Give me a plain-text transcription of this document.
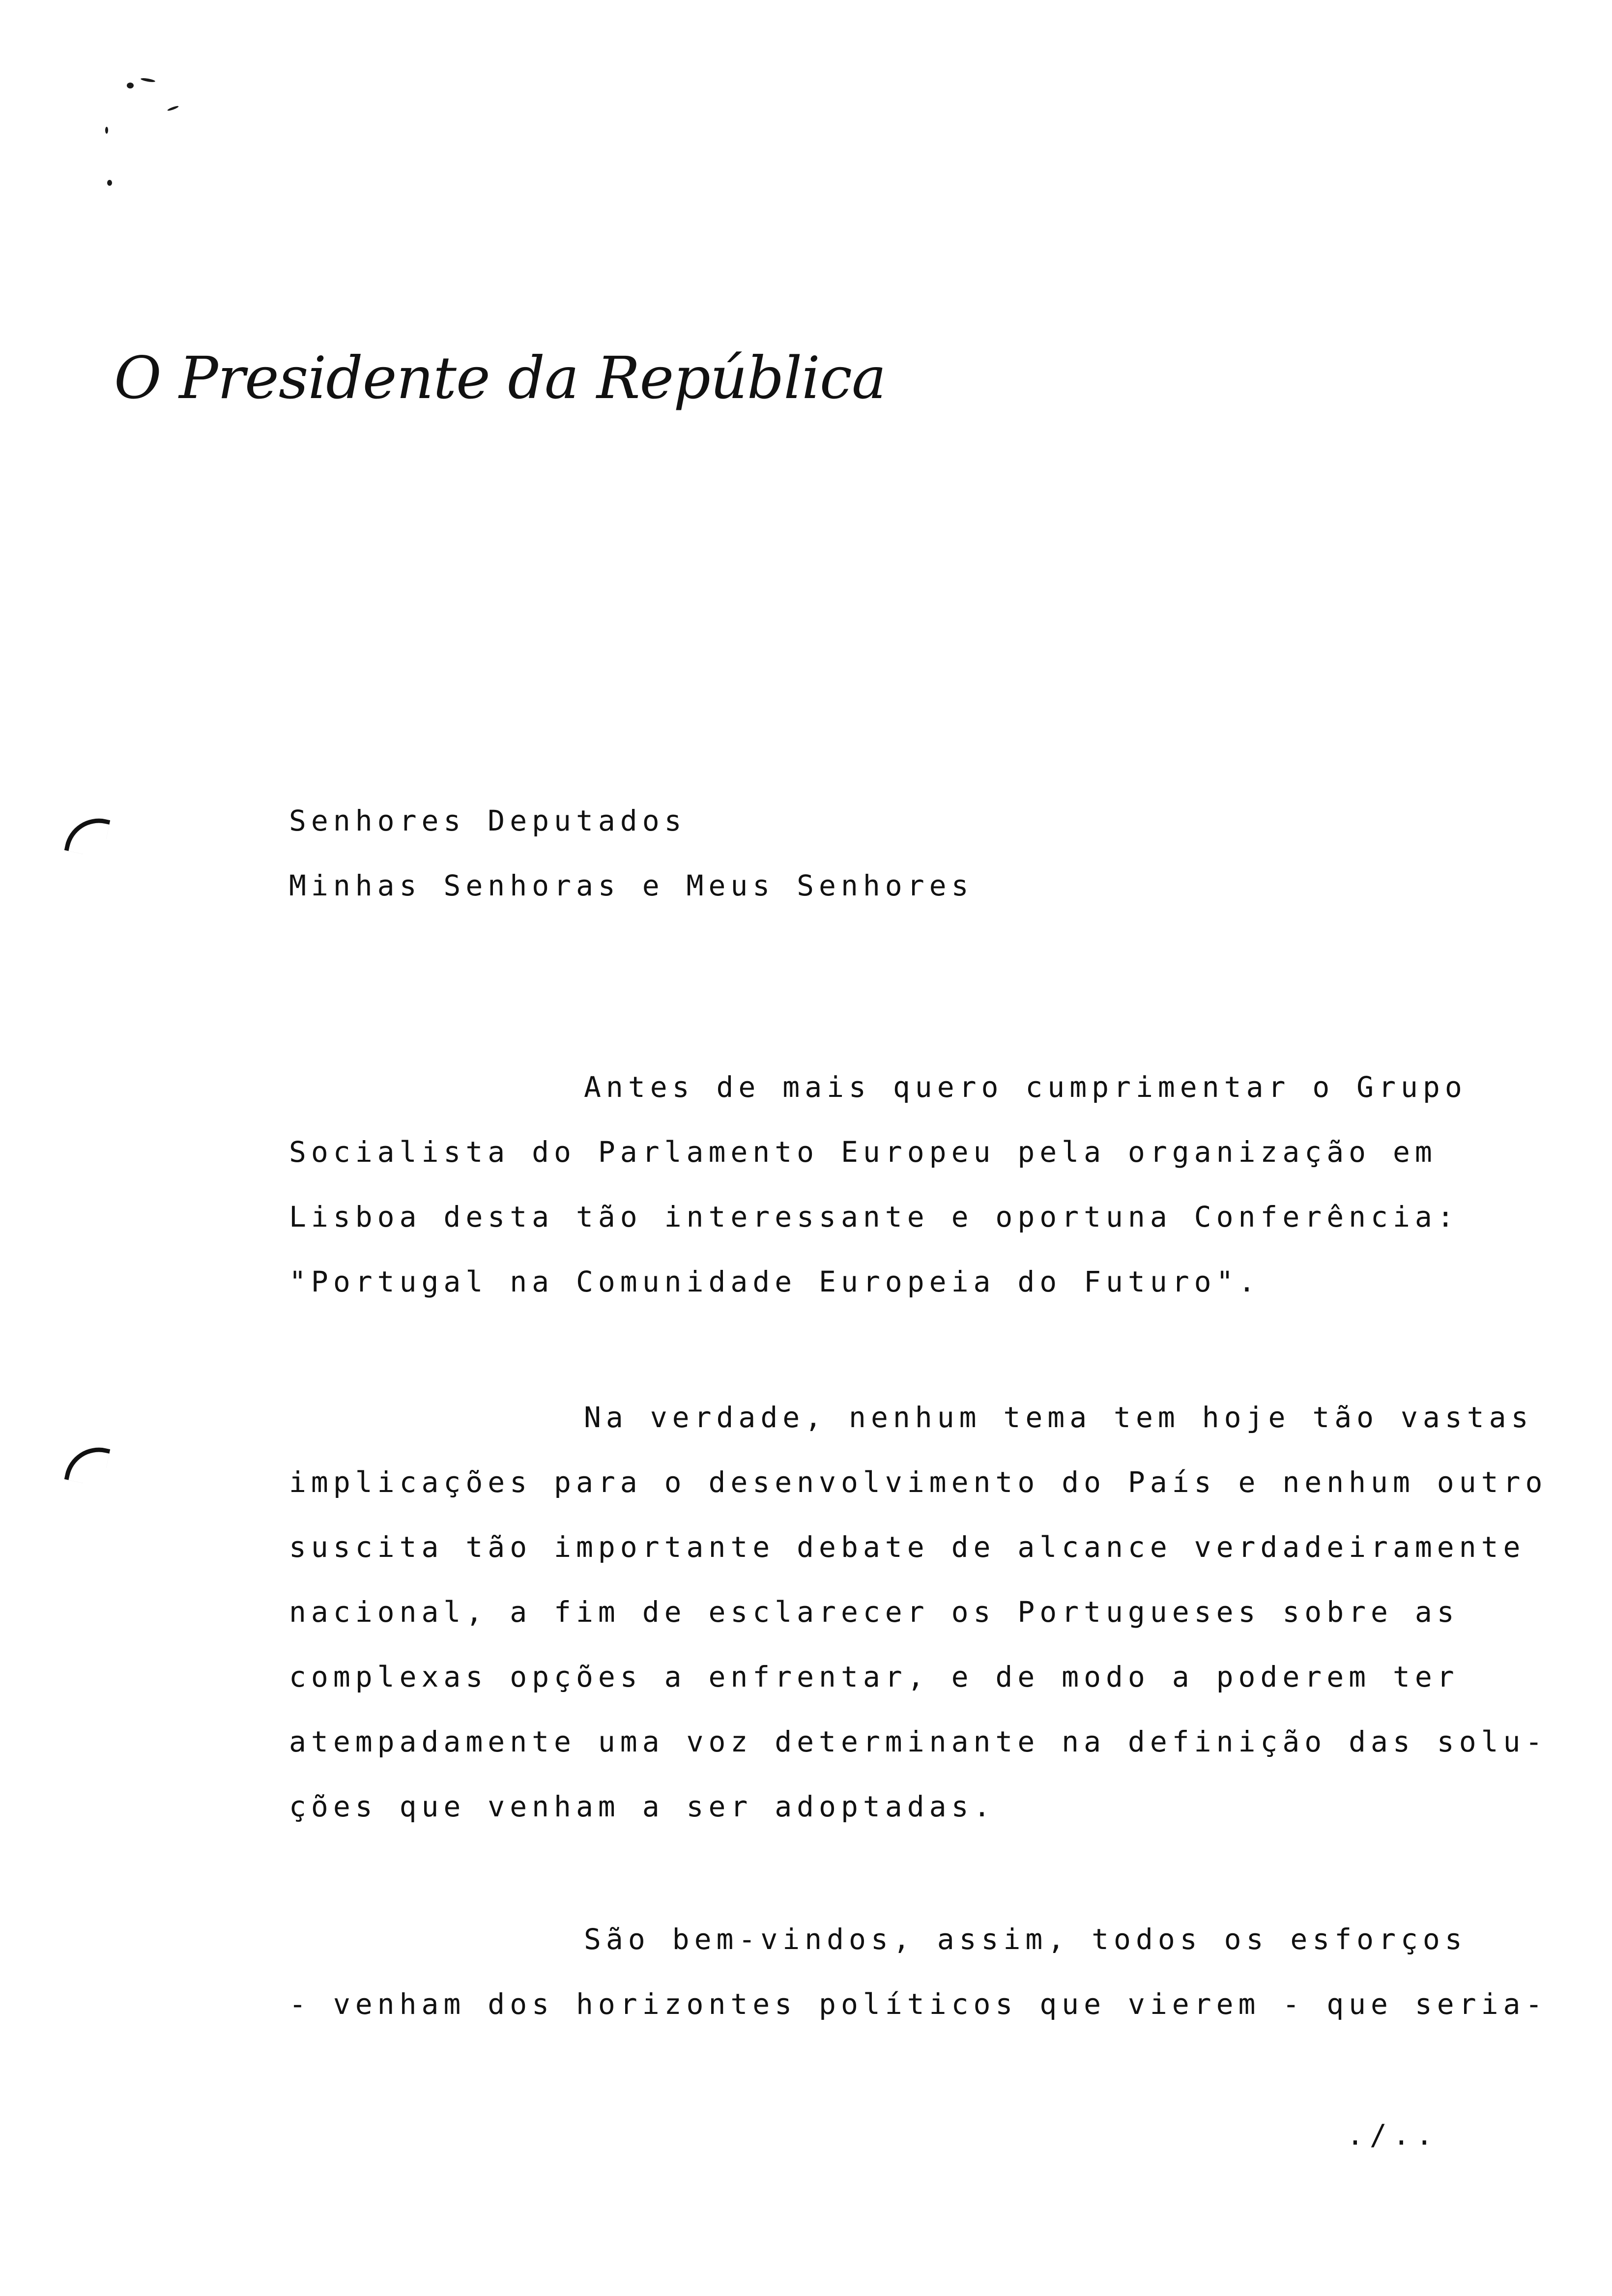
O Presidente da República
Senhores Deputados
Minhas Senhoras e Meus Senhores
Antes de mais quero cumprimentar o Grupo
Socialista do Parlamento Europeu pela organização em
Lisboa desta tão interessante e oportuna Conferência:
"Portugal na Comunidade Europeia do Futuro".
Na verdade, nenhum tema tem hoje tão vastas
implicações para o desenvolvimento do País e nenhum outro
suscita tão importante debate de alcance verdadeiramente
nacional, a fim de esclarecer os Portugueses sobre as
complexas opções a enfrentar, e de modo a poderem ter
atempadamente uma voz determinante na definição das solu-
ções que venham a ser adoptadas.
São bem-vindos, assim, todos os esforços
- venham dos horizontes políticos que vierem - que seria-
./..
